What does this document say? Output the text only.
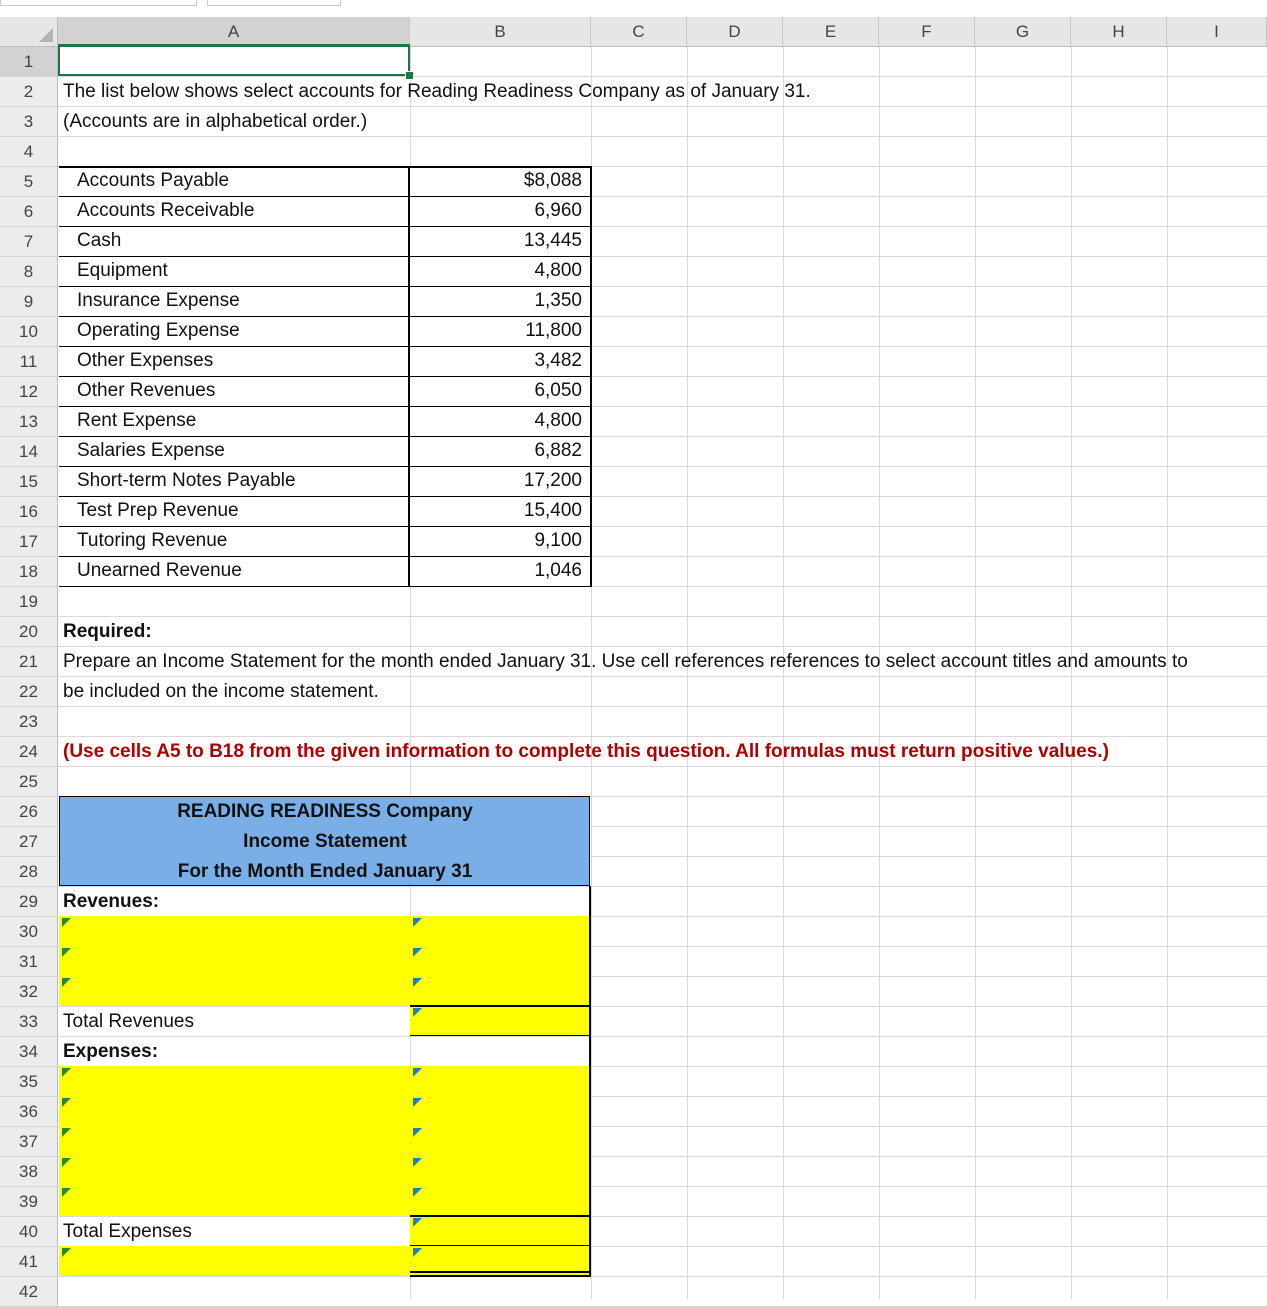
A	B	C	D	E	F	G	H	I
1
2
3
4
5
6
7
8
9
10
11
12
13
14
15
16
17
18
19
20
21
22
23
24
25
26
27
28
29
30
31
32
33
34
35
36
37
38
39
40
41
42
READING READINESS Company
Income Statement
For the Month Ended January 31
Accounts Payable	$8,088
Accounts Receivable	6,960
Cash	13,445
Equipment	4,800
Insurance Expense	1,350
Operating Expense	11,800
Other Expenses	3,482
Other Revenues	6,050
Rent Expense	4,800
Salaries Expense	6,882
Short-term Notes Payable	17,200
Test Prep Revenue	15,400
Tutoring Revenue	9,100
Unearned Revenue	1,046
The list below shows select accounts for Reading Readiness Company as of January 31.
(Accounts are in alphabetical order.)
Required:
Prepare an Income Statement for the month ended January 31. Use cell references references to select account titles and amounts to
be included on the income statement.
(Use cells A5 to B18 from the given information to complete this question. All formulas must return positive values.)
Revenues:
Total Revenues
Expenses:
Total Expenses
